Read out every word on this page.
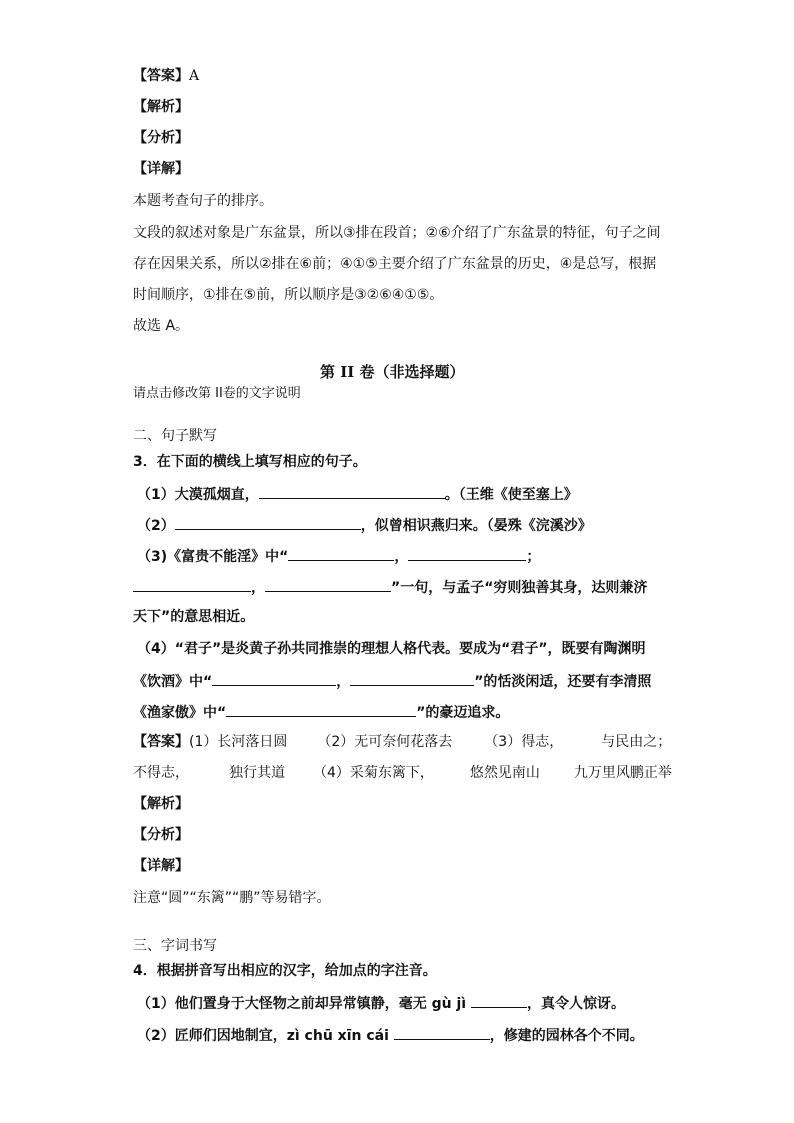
【答案】A
【解析】
【分析】
【详解】
本题考查句子的排序。
文段的叙述对象是广东盆景，所以③排在段首；②⑥介绍了广东盆景的特征，句子之间
存在因果关系，所以②排在⑥前；④①⑤主要介绍了广东盆景的历史，④是总写，根据
时间顺序，①排在⑤前，所以顺序是③②⑥④①⑤。
故选 A。
第 II 卷（非选择题）
请点击修改第 II卷的文字说明
二、句子默写
3．在下面的横线上填写相应的句子。
（1）大漠孤烟直，	。（王维《使至塞上》
（2）	，似曾相识燕归来。（晏殊《浣溪沙》
（3)《富贵不能淫》中“	，	；
，	”一句，与孟子“穷则独善其身，达则兼济
天下”的意思相近。
（4）“君子”是炎黄子孙共同推崇的理想人格代表。要成为“君子”，既要有陶渊明
《饮酒》中“	，	”的恬淡闲适，还要有李清照
《渔家傲》中“	”的豪迈追求。
【答案】(1）长河落日圆 （2）无可奈何花落去 （3）得志，	与民由之；
不得志，	独行其道 （4）采菊东篱下，	悠然见南山 九万里风鹏正举
【解析】
【分析】
【详解】
注意“圆”“东篱”“鹏”等易错字。
三、字词书写
4．根据拼音写出相应的汉字，给加点的字注音。
（1）他们置身于大怪物之前却异常镇静，毫无 gù jì	，真令人惊讶。
（2）匠师们因地制宜，zì chū xīn cái	，修建的园林各个不同。
